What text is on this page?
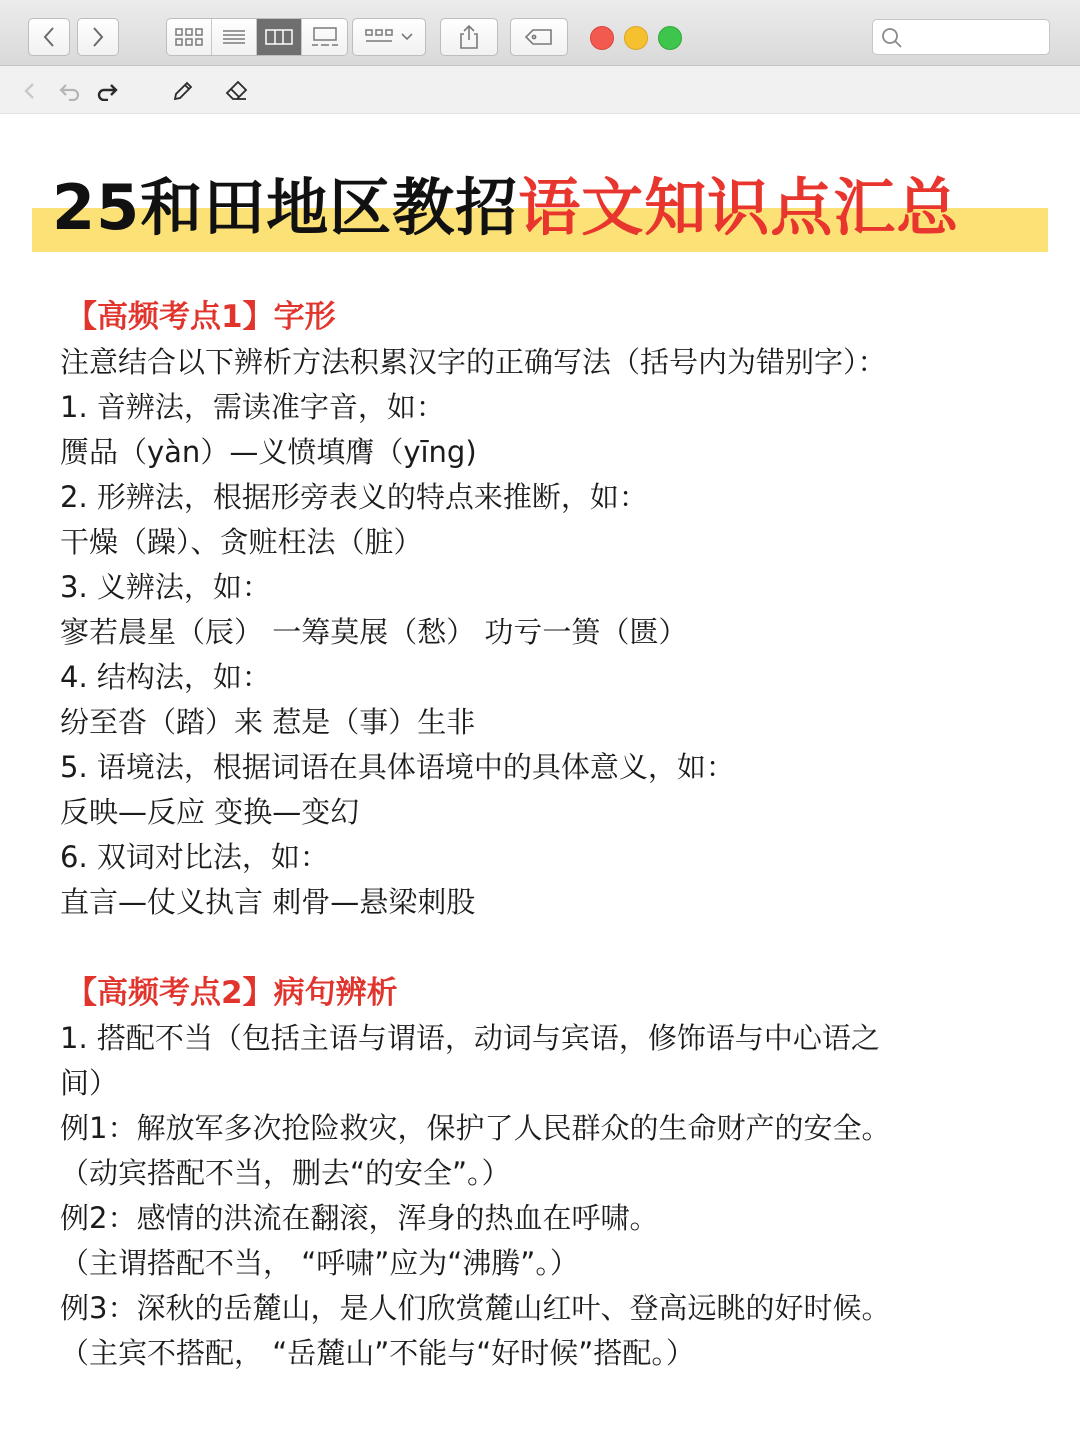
25和田地区教招语文知识点汇总
【高频考点1】字形
注意结合以下辨析方法积累汉字的正确写法（括号内为错别字）：
1. 音辨法，需读准字音，如：
赝品（yàn）—义愤填膺（yīng)
2. 形辨法，根据形旁表义的特点来推断，如：
干燥（躁）、贪赃枉法（脏）
3. 义辨法，如：
寥若晨星（辰） 一筹莫展（愁） 功亏一篑（匮）
4. 结构法，如：
纷至沓（踏）来 惹是（事）生非
5. 语境法，根据词语在具体语境中的具体意义，如：
反映—反应 变换—变幻
6. 双词对比法，如：
直言—仗义执言 刺骨—悬梁刺股
【高频考点2】病句辨析
1. 搭配不当（包括主语与谓语，动词与宾语，修饰语与中心语之
间）
例1：解放军多次抢险救灾，保护了人民群众的生命财产的安全。
（动宾搭配不当，删去“的安全”。）
例2：感情的洪流在翻滚，浑身的热血在呼啸。
（主谓搭配不当， “呼啸”应为“沸腾”。）
例3：深秋的岳麓山，是人们欣赏麓山红叶、登高远眺的好时候。
（主宾不搭配， “岳麓山”不能与“好时候”搭配。）
